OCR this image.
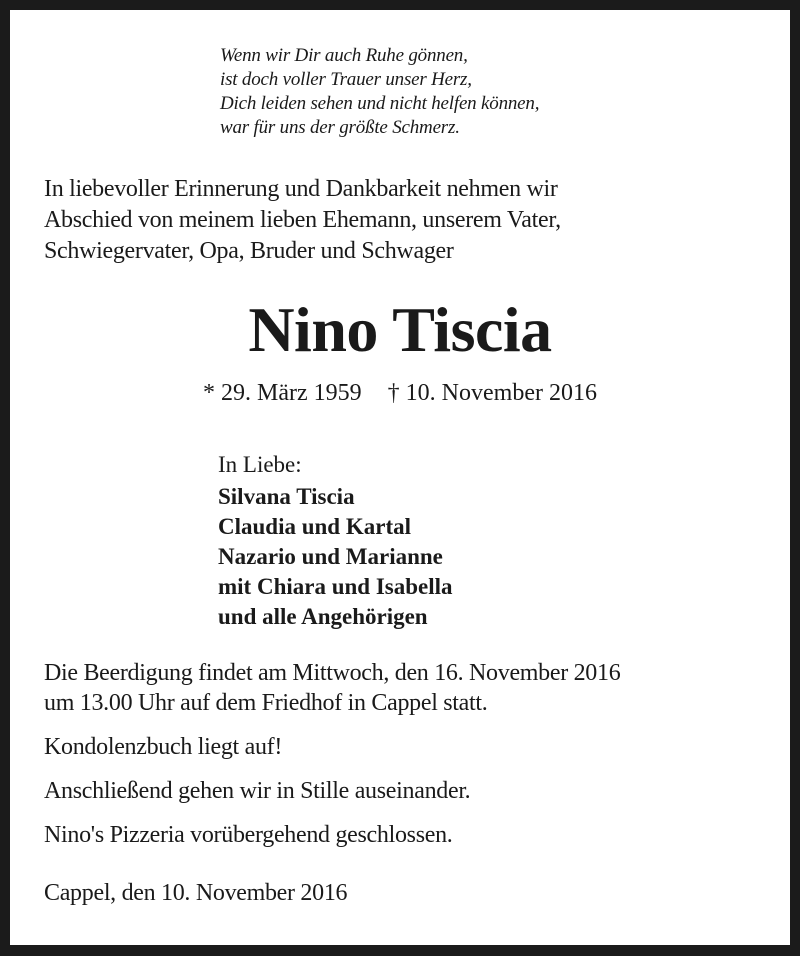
Wenn wir Dir auch Ruhe gönnen,
ist doch voller Trauer unser Herz,
Dich leiden sehen und nicht helfen können,
war für uns der größte Schmerz.
In liebevoller Erinnerung und Dankbarkeit nehmen wir
Abschied von meinem lieben Ehemann, unserem Vater,
Schwiegervater, Opa, Bruder und Schwager
Nino Tiscia
* 29. März 1959 † 10. November 2016
In Liebe:
Silvana Tiscia
Claudia und Kartal
Nazario und Marianne
mit Chiara und Isabella
und alle Angehörigen
Die Beerdigung findet am Mittwoch, den 16. November 2016
um 13.00 Uhr auf dem Friedhof in Cappel statt.
Kondolenzbuch liegt auf!
Anschließend gehen wir in Stille auseinander.
Nino's Pizzeria vorübergehend geschlossen.
Cappel, den 10. November 2016
